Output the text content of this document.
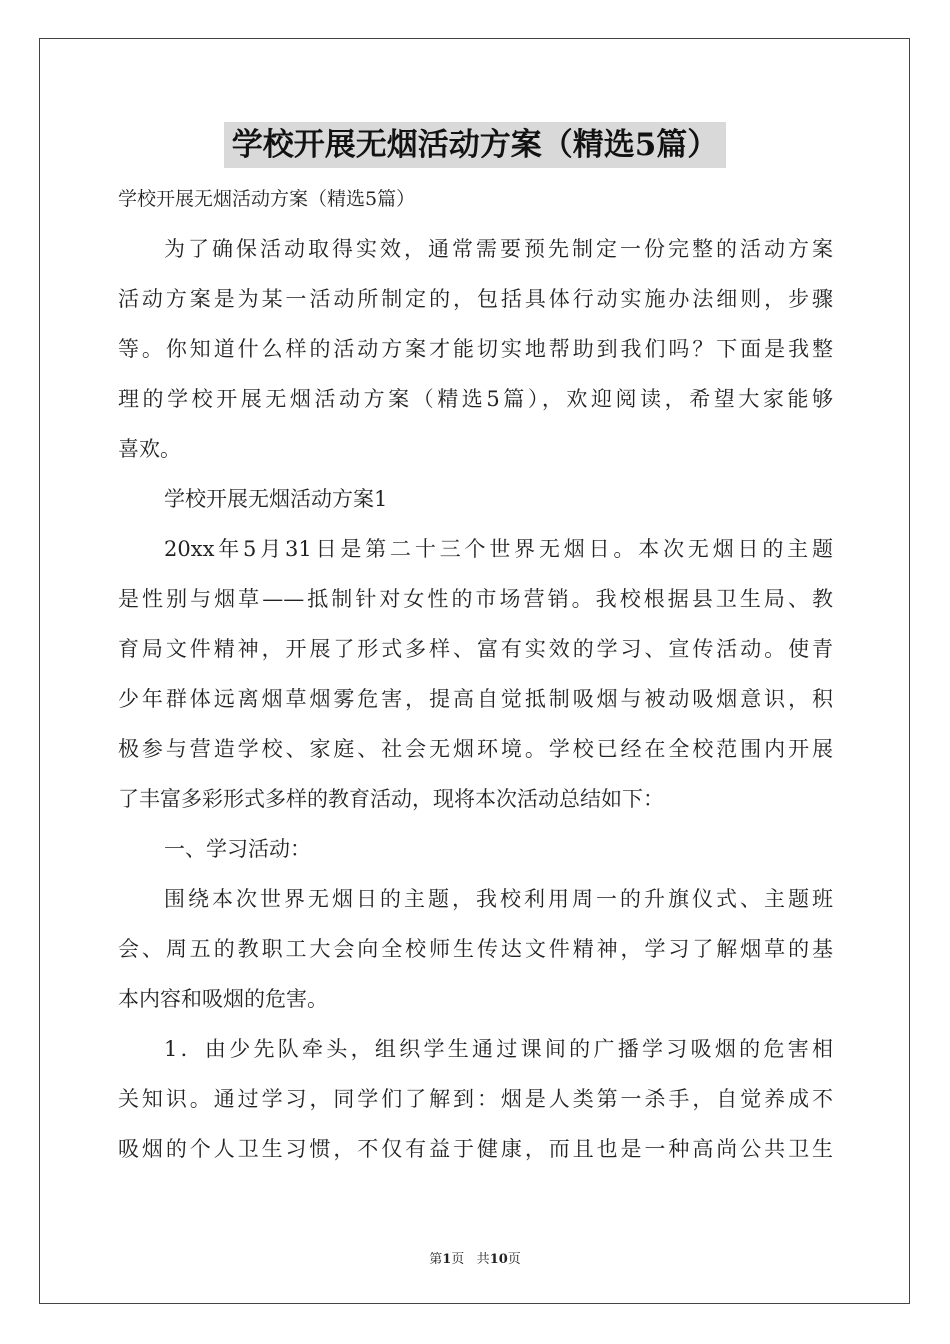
学校开展无烟活动方案（精选5篇）
学校开展无烟活动方案（精选5篇）
为了确保活动取得实效，通常需要预先制定一份完整的活动方案
活动方案是为某一活动所制定的，包括具体行动实施办法细则，步骤
等。你知道什么样的活动方案才能切实地帮助到我们吗？下面是我整
理的学校开展无烟活动方案（精选5篇），欢迎阅读，希望大家能够
喜欢。
学校开展无烟活动方案1
20xx年5月31日是第二十三个世界无烟日。本次无烟日的主题
是性别与烟草——抵制针对女性的市场营销。我校根据县卫生局、教
育局文件精神，开展了形式多样、富有实效的学习、宣传活动。使青
少年群体远离烟草烟雾危害，提高自觉抵制吸烟与被动吸烟意识，积
极参与营造学校、家庭、社会无烟环境。学校已经在全校范围内开展
了丰富多彩形式多样的教育活动，现将本次活动总结如下：
一、学习活动：
围绕本次世界无烟日的主题，我校利用周一的升旗仪式、主题班
会、周五的教职工大会向全校师生传达文件精神，学习了解烟草的基
本内容和吸烟的危害。
1．由少先队牵头，组织学生通过课间的广播学习吸烟的危害相
关知识。通过学习，同学们了解到：烟是人类第一杀手，自觉养成不
吸烟的个人卫生习惯，不仅有益于健康，而且也是一种高尚公共卫生
第1页 共10页
